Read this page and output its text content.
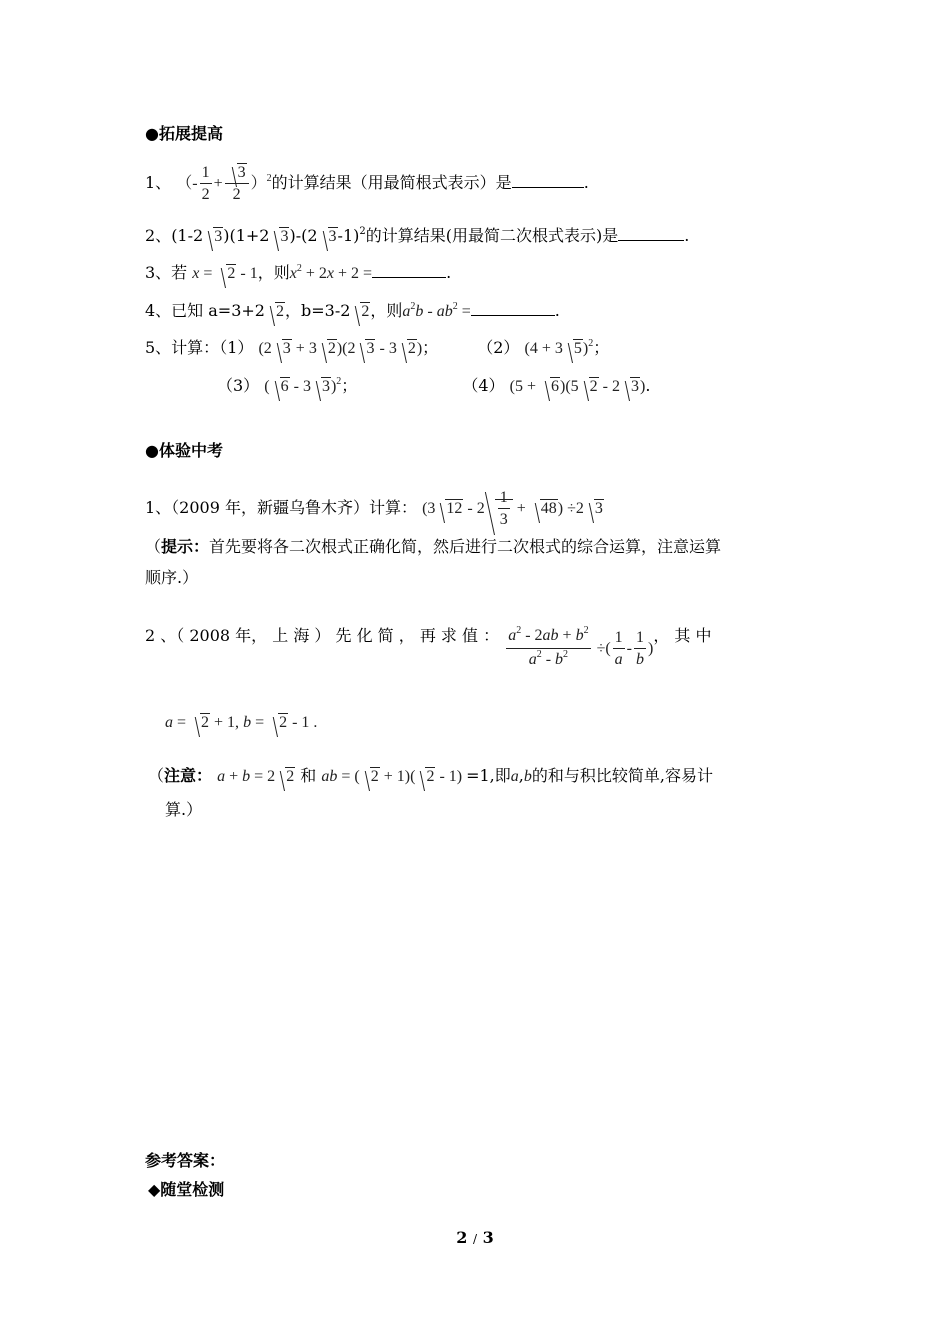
●拓展提高
1、 （- $\frac{1}{2} + \frac{3}{2} )^2$的计算结果（用最简根式表示）是	.
2、(1-2 3)(1+2 3)-(2 3-1)$^2$的计算结果(用最简二次根式表示)是	.
3、若 x = 2 - 1，则$x^2 + 2x + 2$ =	.
4、已知 a=3+2 2，b=3-2 2，则$a^2b - ab^2$ =	.
5、计算：（1） (2 3 + 3 2)(2 3 - 3 2)； （2） (4 + 3 5)$^2$；
（3） ( 6 - 3 3)$^2$；	（4） (5 + 6)(5 2 - 2 3).
●体验中考
1、（2009 年，新疆乌鲁木齐）计算： (3 $12 - 2 \frac{1}{3} + 48) \div 2$ 3
（提示：首先要将各二次根式正确化简，然后进行二次根式的综合运算，注意运算
顺序.）
2 、（ 2008 年， 上 海 ） 先 化 简 ， 再 求 值 ： $\frac{a^2 - 2ab + b^2}{a^2 - b^2}$ ÷( $\frac{1}{a} - \frac{1}{b}$ )， 其 中
a = 2 + 1, b = 2 - 1 .
（注意： a + b = 2 2 和 ab = ( 2 + 1)( 2 - 1) =1,即a,b的和与积比较简单,容易计
算.）
参考答案：
◆随堂检测
2 / 3
